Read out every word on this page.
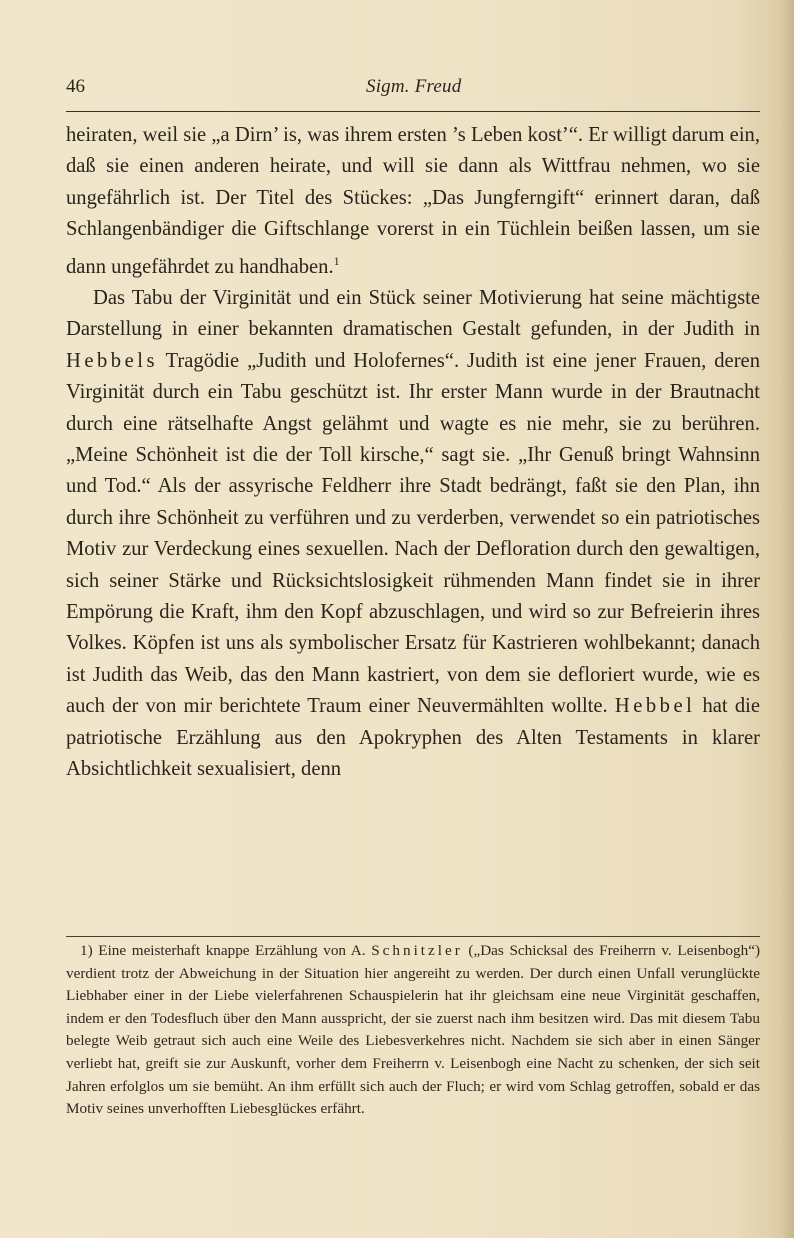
46	Sigm. Freud

heiraten, weil sie „a Dirn’ is, was ihrem ersten ’s Leben kost’“. Er willigt darum ein, daß sie einen anderen heirate, und will sie dann als Wittfrau nehmen, wo sie ungefährlich ist. Der Titel des Stückes: „Das Jungferngift“ erinnert daran, daß Schlangenbändiger die Giftschlange vorerst in ein Tüchlein beißen lassen, um sie dann ungefährdet zu handhaben.$^1$

Das Tabu der Virginität und ein Stück seiner Motivierung hat seine mächtigste Darstellung in einer bekannten dramatischen Gestalt gefunden, in der Judith in Hebbels Tragödie „Judith und Holofernes“. Judith ist eine jener Frauen, deren Virginität durch ein Tabu geschützt ist. Ihr erster Mann wurde in der Brautnacht durch eine rätselhafte Angst gelähmt und wagte es nie mehr, sie zu berühren. „Meine Schönheit ist die der Toll kirsche,“ sagt sie. „Ihr Genuß bringt Wahnsinn und Tod.“ Als der assyrische Feldherr ihre Stadt bedrängt, faßt sie den Plan, ihn durch ihre Schönheit zu verführen und zu verderben, verwendet so ein patriotisches Motiv zur Verdeckung eines sexuellen. Nach der Defloration durch den gewaltigen, sich seiner Stärke und Rücksichtslosigkeit rühmenden Mann findet sie in ihrer Empörung die Kraft, ihm den Kopf abzuschlagen, und wird so zur Befreierin ihres Volkes. Köpfen ist uns als symbolischer Ersatz für Kastrieren wohlbekannt; danach ist Judith das Weib, das den Mann kastriert, von dem sie defloriert wurde, wie es auch der von mir berichtete Traum einer Neuvermählten wollte. Hebbel hat die patriotische Erzählung aus den Apokryphen des Alten Testaments in klarer Absichtlichkeit sexualisiert, denn

1) Eine meisterhaft knappe Erzählung von A. Schnitzler („Das Schicksal des Freiherrn v. Leisenbogh“) verdient trotz der Abweichung in der Situation hier angereiht zu werden. Der durch einen Unfall verunglückte Liebhaber einer in der Liebe vielerfahrenen Schauspielerin hat ihr gleichsam eine neue Virginität geschaffen, indem er den Todesfluch über den Mann ausspricht, der sie zuerst nach ihm besitzen wird. Das mit diesem Tabu belegte Weib getraut sich auch eine Weile des Liebesverkehres nicht. Nachdem sie sich aber in einen Sänger verliebt hat, greift sie zur Auskunft, vorher dem Freiherrn v. Leisenbogh eine Nacht zu schenken, der sich seit Jahren erfolglos um sie bemüht. An ihm erfüllt sich auch der Fluch; er wird vom Schlag getroffen, sobald er das Motiv seines unverhofften Liebesglückes erfährt.
